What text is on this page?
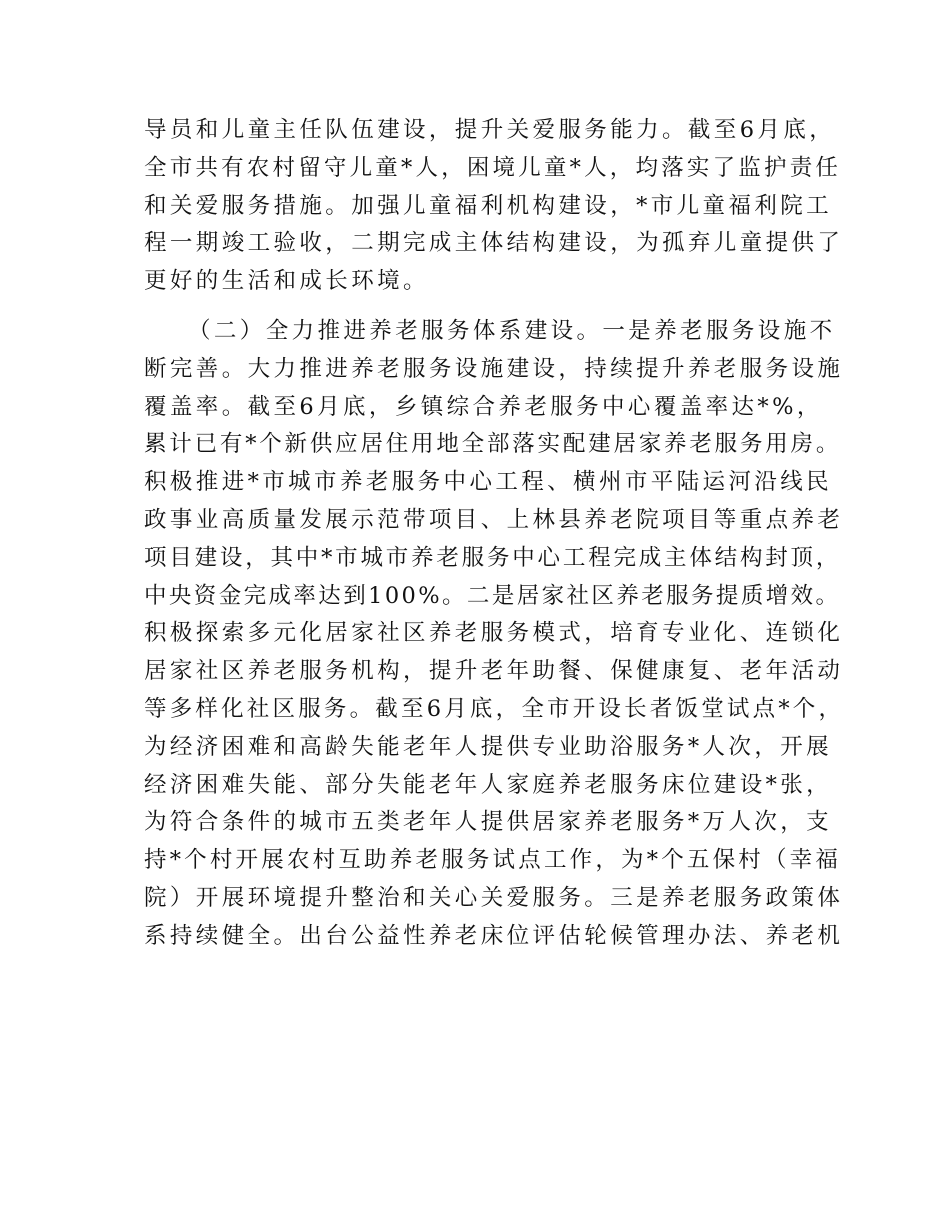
导员和儿童主任队伍建设，提升关爱服务能力。截至6月底，
全市共有农村留守儿童*人，困境儿童*人，均落实了监护责任
和关爱服务措施。加强儿童福利机构建设，*市儿童福利院工
程一期竣工验收，二期完成主体结构建设，为孤弃儿童提供了
更好的生活和成长环境。
（二）全力推进养老服务体系建设。一是养老服务设施不
断完善。大力推进养老服务设施建设，持续提升养老服务设施
覆盖率。截至6月底，乡镇综合养老服务中心覆盖率达*%，
累计已有*个新供应居住用地全部落实配建居家养老服务用房。
积极推进*市城市养老服务中心工程、横州市平陆运河沿线民
政事业高质量发展示范带项目、上林县养老院项目等重点养老
项目建设，其中*市城市养老服务中心工程完成主体结构封顶，
中央资金完成率达到100%。二是居家社区养老服务提质增效。
积极探索多元化居家社区养老服务模式，培育专业化、连锁化
居家社区养老服务机构，提升老年助餐、保健康复、老年活动
等多样化社区服务。截至6月底，全市开设长者饭堂试点*个，
为经济困难和高龄失能老年人提供专业助浴服务*人次，开展
经济困难失能、部分失能老年人家庭养老服务床位建设*张，
为符合条件的城市五类老年人提供居家养老服务*万人次，支
持*个村开展农村互助养老服务试点工作，为*个五保村（幸福
院）开展环境提升整治和关心关爱服务。三是养老服务政策体
系持续健全。出台公益性养老床位评估轮候管理办法、养老机
